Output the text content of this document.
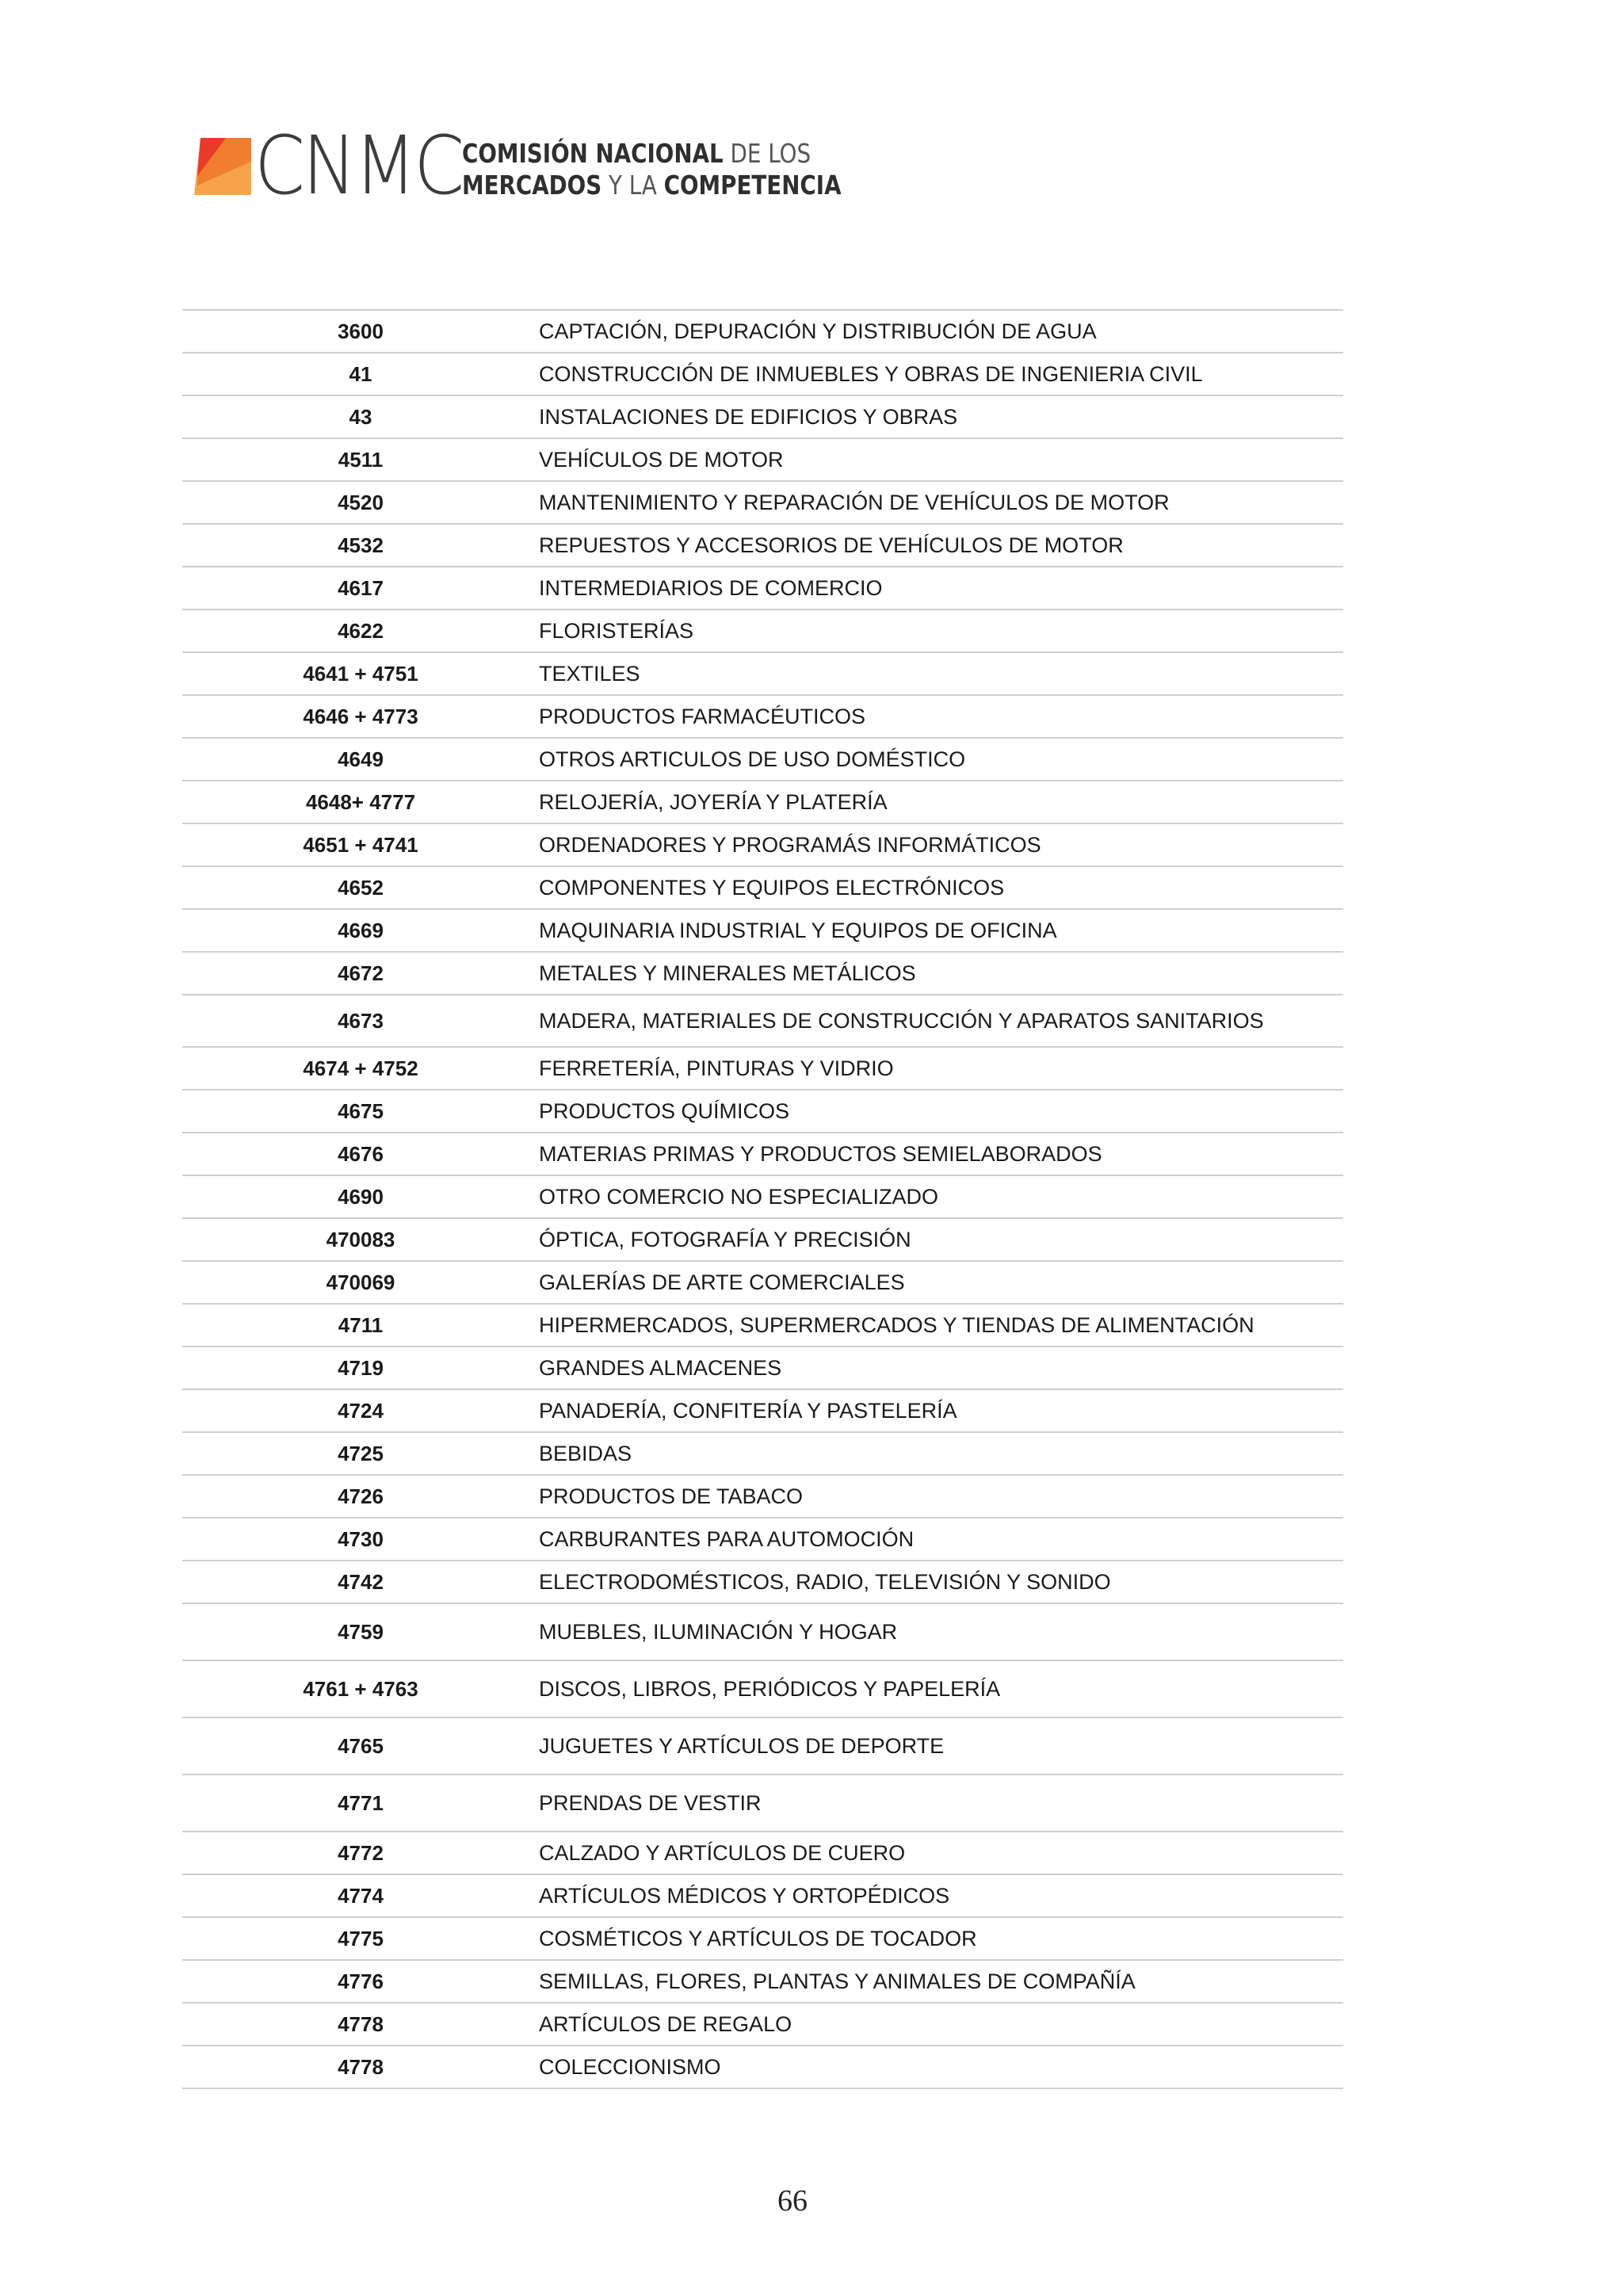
CNMC COMISIÓN NACIONAL DE LOS
MERCADOS Y LA COMPETENCIA
3600	CAPTACIÓN, DEPURACIÓN Y DISTRIBUCIÓN DE AGUA
41	CONSTRUCCIÓN DE INMUEBLES Y OBRAS DE INGENIERIA CIVIL
43	INSTALACIONES DE EDIFICIOS Y OBRAS
4511	VEHÍCULOS DE MOTOR
4520	MANTENIMIENTO Y REPARACIÓN DE VEHÍCULOS DE MOTOR
4532	REPUESTOS Y ACCESORIOS DE VEHÍCULOS DE MOTOR
4617	INTERMEDIARIOS DE COMERCIO
4622	FLORISTERÍAS
4641 + 4751	TEXTILES
4646 + 4773	PRODUCTOS FARMACÉUTICOS
4649	OTROS ARTICULOS DE USO DOMÉSTICO
4648+ 4777	RELOJERÍA, JOYERÍA Y PLATERÍA
4651 + 4741	ORDENADORES Y PROGRAMÁS INFORMÁTICOS
4652	COMPONENTES Y EQUIPOS ELECTRÓNICOS
4669	MAQUINARIA INDUSTRIAL Y EQUIPOS DE OFICINA
4672	METALES Y MINERALES METÁLICOS
4673	MADERA, MATERIALES DE CONSTRUCCIÓN Y APARATOS SANITARIOS
4674 + 4752	FERRETERÍA, PINTURAS Y VIDRIO
4675	PRODUCTOS QUÍMICOS
4676	MATERIAS PRIMAS Y PRODUCTOS SEMIELABORADOS
4690	OTRO COMERCIO NO ESPECIALIZADO
470083	ÓPTICA, FOTOGRAFÍA Y PRECISIÓN
470069	GALERÍAS DE ARTE COMERCIALES
4711	HIPERMERCADOS, SUPERMERCADOS Y TIENDAS DE ALIMENTACIÓN
4719	GRANDES ALMACENES
4724	PANADERÍA, CONFITERÍA Y PASTELERÍA
4725	BEBIDAS
4726	PRODUCTOS DE TABACO
4730	CARBURANTES PARA AUTOMOCIÓN
4742	ELECTRODOMÉSTICOS, RADIO, TELEVISIÓN Y SONIDO
4759	MUEBLES, ILUMINACIÓN Y HOGAR
4761 + 4763	DISCOS, LIBROS, PERIÓDICOS Y PAPELERÍA
4765	JUGUETES Y ARTÍCULOS DE DEPORTE
4771	PRENDAS DE VESTIR
4772	CALZADO Y ARTÍCULOS DE CUERO
4774	ARTÍCULOS MÉDICOS Y ORTOPÉDICOS
4775	COSMÉTICOS Y ARTÍCULOS DE TOCADOR
4776	SEMILLAS, FLORES, PLANTAS Y ANIMALES DE COMPAÑÍA
4778	ARTÍCULOS DE REGALO
4778	COLECCIONISMO
66
